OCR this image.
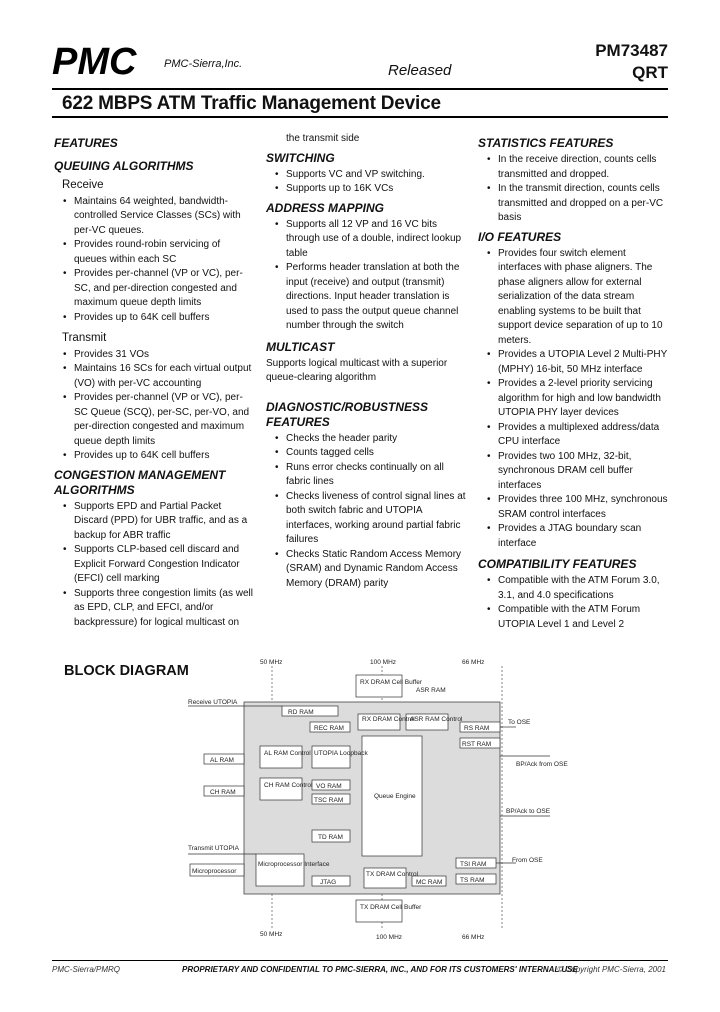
PMC	PMC-Sierra,Inc.	Released
PM73487
QRT
622 MBPS ATM Traffic Management Device
FEATURES
QUEUING ALGORITHMS
Receive
• Maintains 64 weighted, bandwidth-controlled Service Classes (SCs) with per-VC queues.
• Provides round-robin servicing of queues within each SC
• Provides per-channel (VP or VC), per-SC, and per-direction congested and maximum queue depth limits
• Provides up to 64K cell buffers
Transmit
• Provides 31 VOs
• Maintains 16 SCs for each virtual output (VO) with per-VC accounting
• Provides per-channel (VP or VC), per-SC Queue (SCQ), per-SC, per-VO, and per-direction congested and maximum queue depth limits
• Provides up to 64K cell buffers
CONGESTION MANAGEMENT ALGORITHMS
• Supports EPD and Partial Packet Discard (PPD) for UBR traffic, and as a backup for ABR traffic
• Supports CLP-based cell discard and Explicit Forward Congestion Indicator (EFCI) cell marking
• Supports three congestion limits (as well as EPD, CLP, and EFCI, and/or backpressure) for logical multicast on

the transmit side

SWITCHING
• Supports VC and VP switching.
• Supports up to 16K VCs
ADDRESS MAPPING
• Supports all 12 VP and 16 VC bits through use of a double, indirect lookup table
• Performs header translation at both the input (receive) and output (transmit) directions. Input header translation is used to pass the output queue channel number through the switch
MULTICAST

Supports logical multicast with a superior queue-clearing algorithm

DIAGNOSTIC/ROBUSTNESS FEATURES
• Checks the header parity
• Counts tagged cells
• Runs error checks continually on all fabric lines
• Checks liveness of control signal lines at both switch fabric and UTOPIA interfaces, working around partial fabric failures
• Checks Static Random Access Memory (SRAM) and Dynamic Random Access Memory (DRAM) parity
STATISTICS FEATURES
• In the receive direction, counts cells transmitted and dropped.
• In the transmit direction, counts cells transmitted and dropped on a per-VC basis
I/O FEATURES
• Provides four switch element interfaces with phase aligners. The phase aligners allow for external serialization of the data stream enabling systems to be built that support device separation of up to 10 meters.
• Provides a UTOPIA Level 2 Multi-PHY (MPHY) 16-bit, 50 MHz interface
• Provides a 2-level priority servicing algorithm for high and low bandwidth UTOPIA PHY layer devices
• Provides a multiplexed address/data CPU interface
• Provides two 100 MHz, 32-bit, synchronous DRAM cell buffer interfaces
• Provides three 100 MHz, synchronous SRAM control interfaces
• Provides a JTAG boundary scan interface
COMPATIBILITY FEATURES
• Compatible with the ATM Forum 3.0, 3.1, and 4.0 specifications
• Compatible with the ATM Forum UTOPIA Level 1 and Level 2
BLOCK DIAGRAM
50 MHz	100 MHz	66 MHz
50 MHz	100 MHz	66 MHz
RX DRAM Cell Buffer
TX DRAM Cell Buffer
AL RAM
CH RAM
Microprocessor
ASR RAM
RX DRAM Control
ASR RAM Control
RS RAM
RST RAM
RD RAM
REC RAM
AL RAM Control UTOPIA Loopback
CH RAM Control VO RAM
TSC RAM
Queue Engine
TD RAM
Microprocessor Interface
JTAG
TX DRAM Control
MC RAM
TSI RAM
TS RAM
Receive UTOPIA
Transmit UTOPIA
To OSE
BP/Ack from OSE
BP/Ack to OSE
From OSE
PMC-Sierra/PMRQ	PROPRIETARY AND CONFIDENTIAL TO PMC-SIERRA, INC., AND FOR ITS CUSTOMERS' INTERNAL USE
© Copyright PMC-Sierra, 2001
